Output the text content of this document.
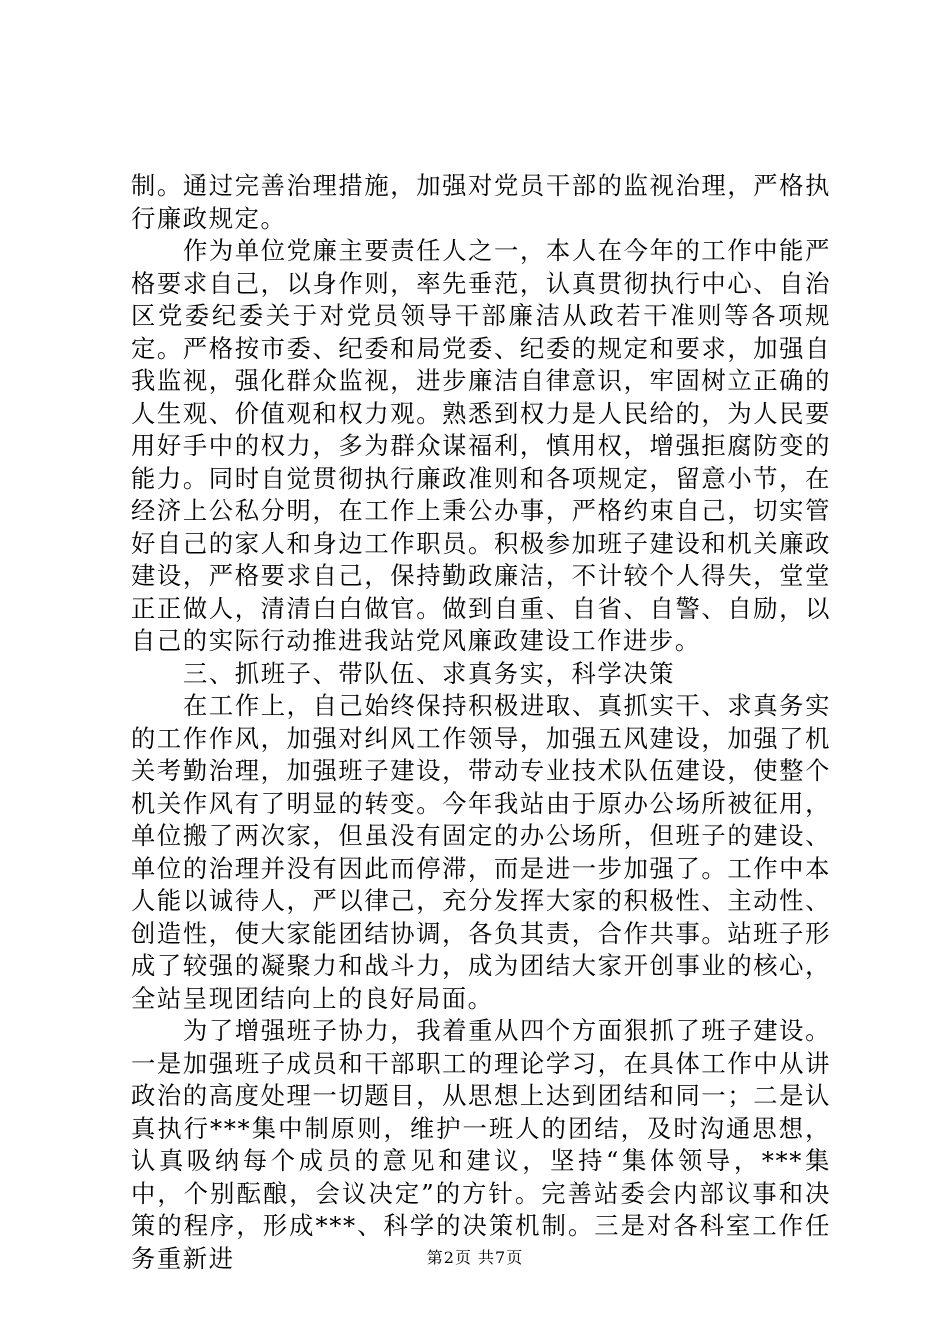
制。通过完善治理措施，加强对党员干部的监视治理，严格执行廉政规定。

作为单位党廉主要责任人之一，本人在今年的工作中能严格要求自己，以身作则，率先垂范，认真贯彻执行中心、自治区党委纪委关于对党员领导干部廉洁从政若干准则等各项规定。严格按市委、纪委和局党委、纪委的规定和要求，加强自我监视，强化群众监视，进步廉洁自律意识，牢固树立正确的人生观、价值观和权力观。熟悉到权力是人民给的，为人民要用好手中的权力，多为群众谋福利，慎用权，增强拒腐防变的能力。同时自觉贯彻执行廉政准则和各项规定，留意小节，在经济上公私分明，在工作上秉公办事，严格约束自己，切实管好自己的家人和身边工作职员。积极参加班子建设和机关廉政建设，严格要求自己，保持勤政廉洁，不计较个人得失，堂堂正正做人，清清白白做官。做到自重、自省、自警、自励，以自己的实际行动推进我站党风廉政建设工作进步。

三、抓班子、带队伍、求真务实，科学决策

在工作上，自己始终保持积极进取、真抓实干、求真务实的工作作风，加强对纠风工作领导，加强五风建设，加强了机关考勤治理，加强班子建设，带动专业技术队伍建设，使整个机关作风有了明显的转变。今年我站由于原办公场所被征用，单位搬了两次家，但虽没有固定的办公场所，但班子的建设、单位的治理并没有因此而停滞，而是进一步加强了。工作中本人能以诚待人，严以律己，充分发挥大家的积极性、主动性、创造性，使大家能团结协调，各负其责，合作共事。站班子形成了较强的凝聚力和战斗力，成为团结大家开创事业的核心，全站呈现团结向上的良好局面。

为了增强班子协力，我着重从四个方面狠抓了班子建设。一是加强班子成员和干部职工的理论学习，在具体工作中从讲政治的高度处理一切题目，从思想上达到团结和同一；二是认真执行***集中制原则，维护一班人的团结，及时沟通思想，认真吸纳每个成员的意见和建议，坚持“集体领导，***集中，个别酝酿，会议决定”的方针。完善站委会内部议事和决策的程序，形成***、科学的决策机制。三是对各科室工作任务重新进	第2页 共7页
